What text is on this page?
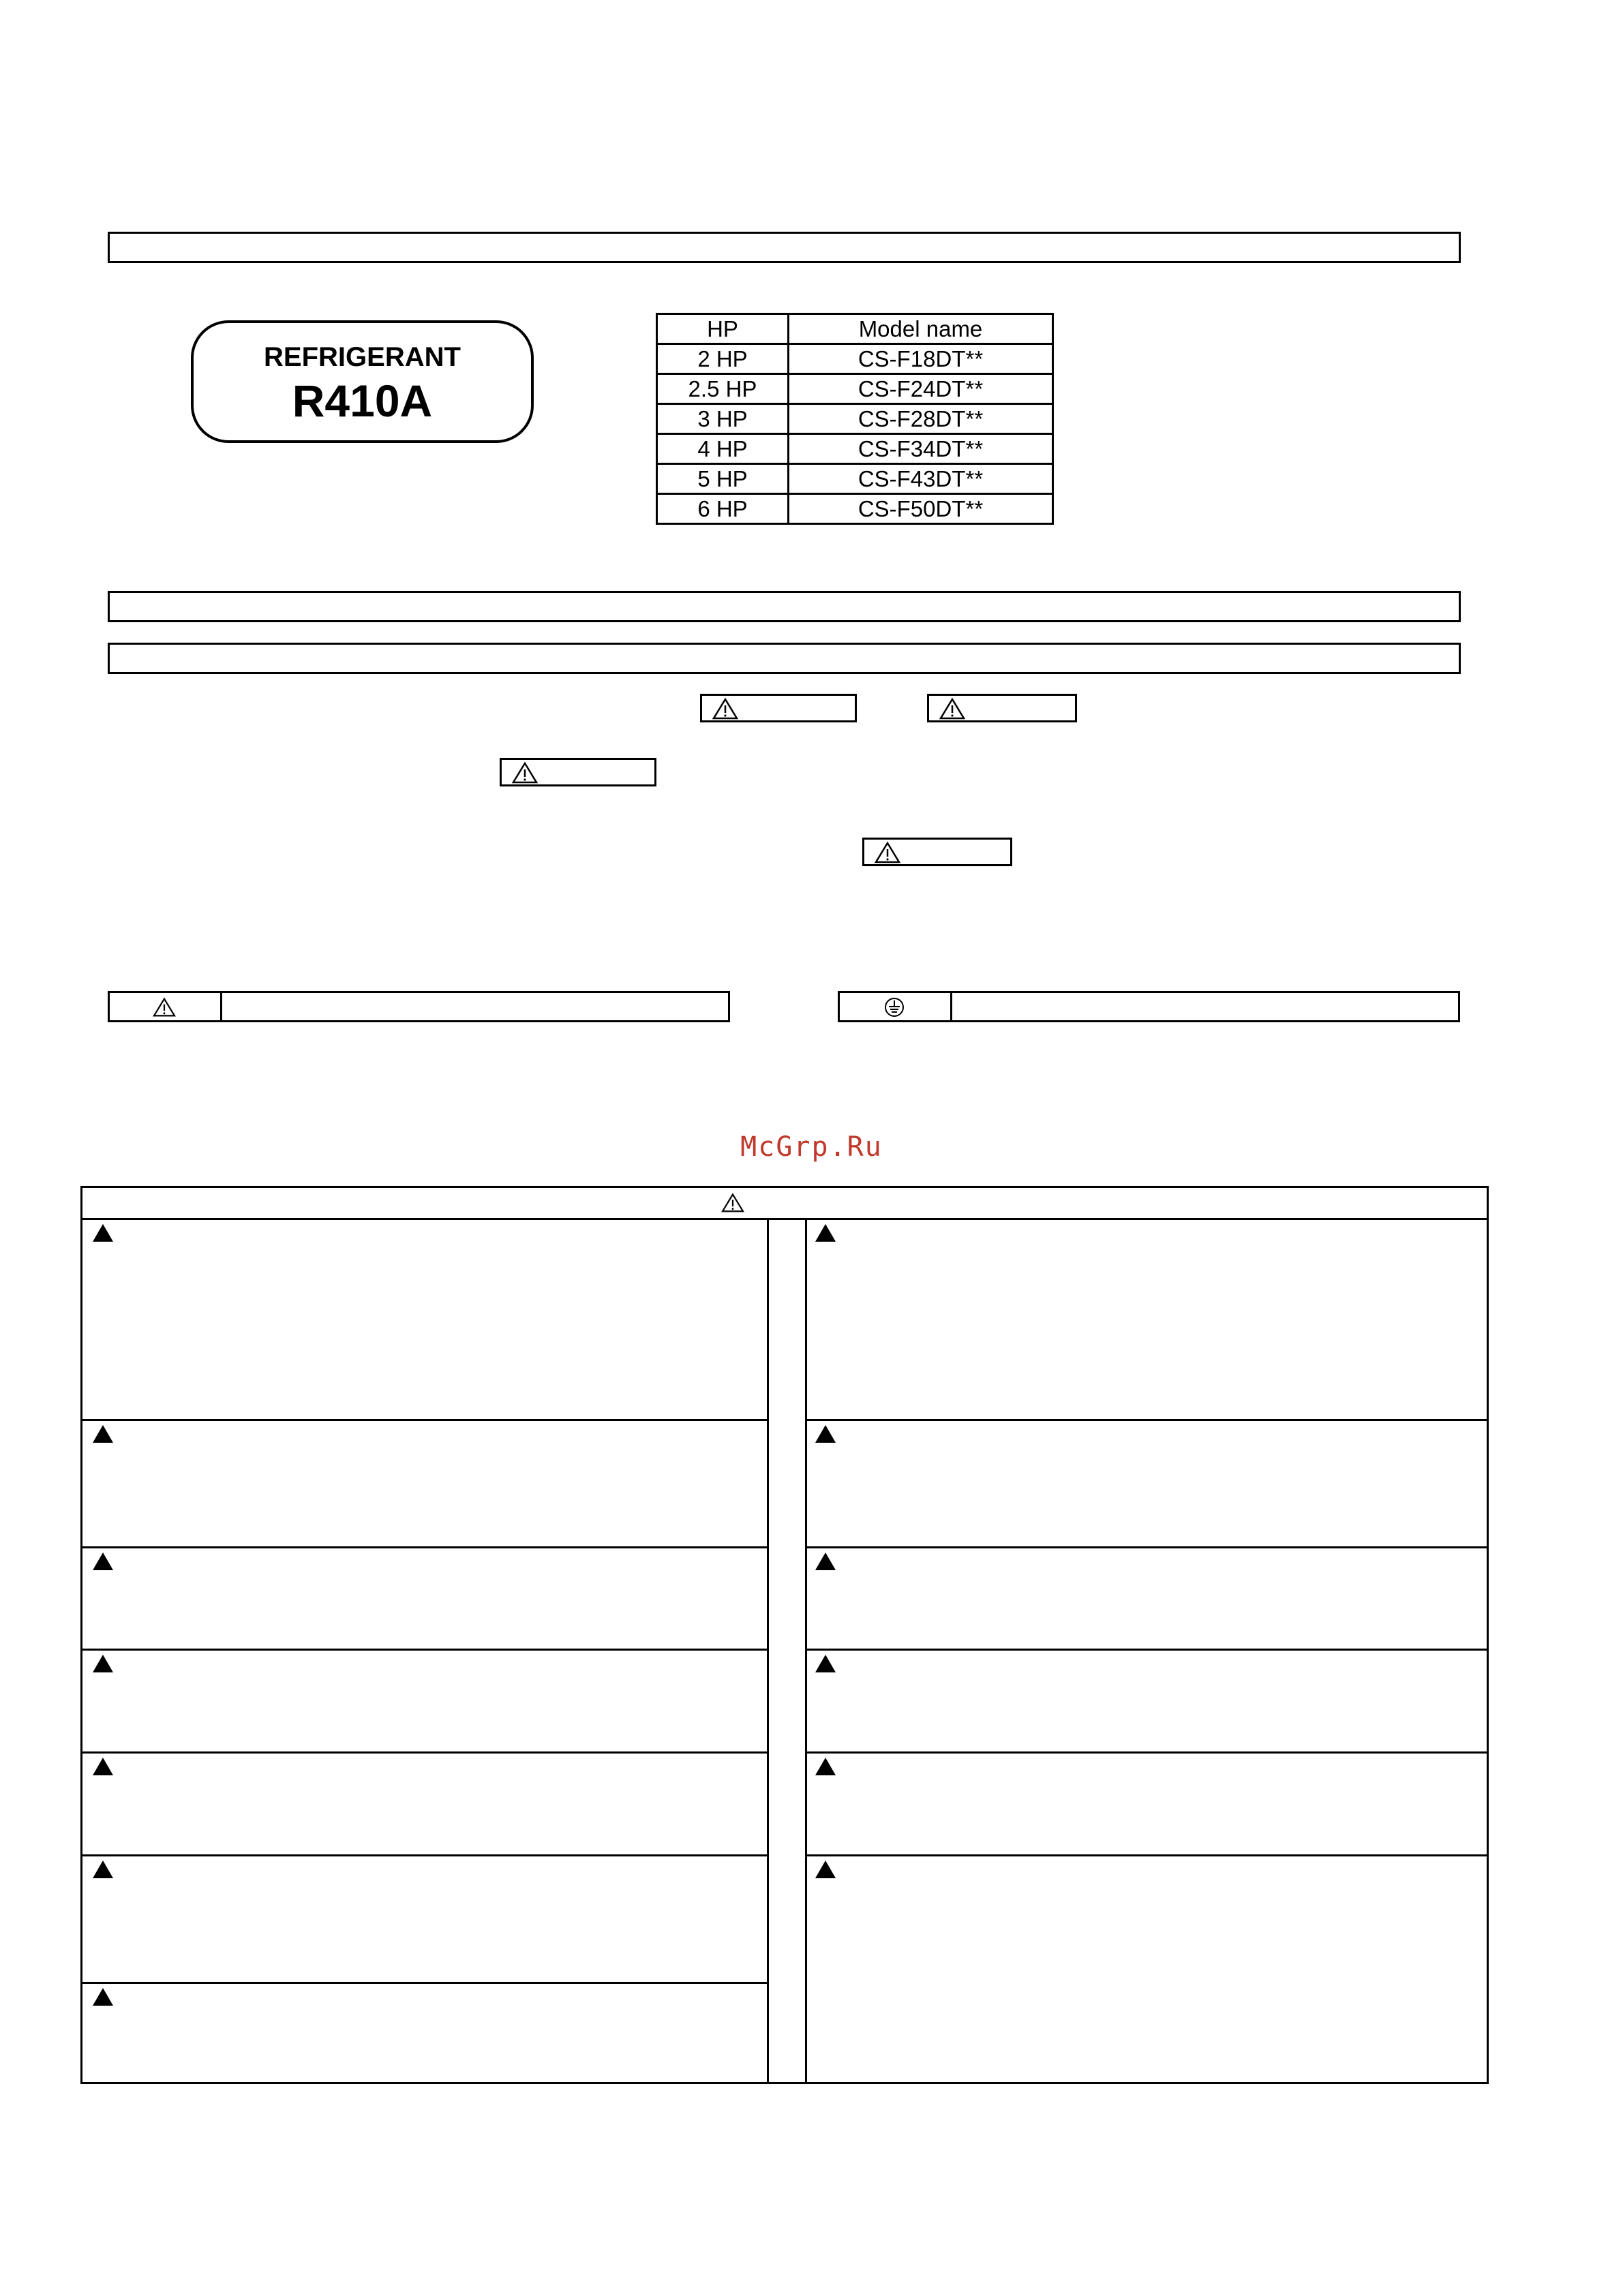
REFRIGERANT
R410A
HP	Model name
2 HP	CS-F18DT**
2.5 HP	CS-F24DT**
3 HP	CS-F28DT**
4 HP	CS-F34DT**
5 HP	CS-F43DT**
6 HP	CS-F50DT**
McGrp.Ru
